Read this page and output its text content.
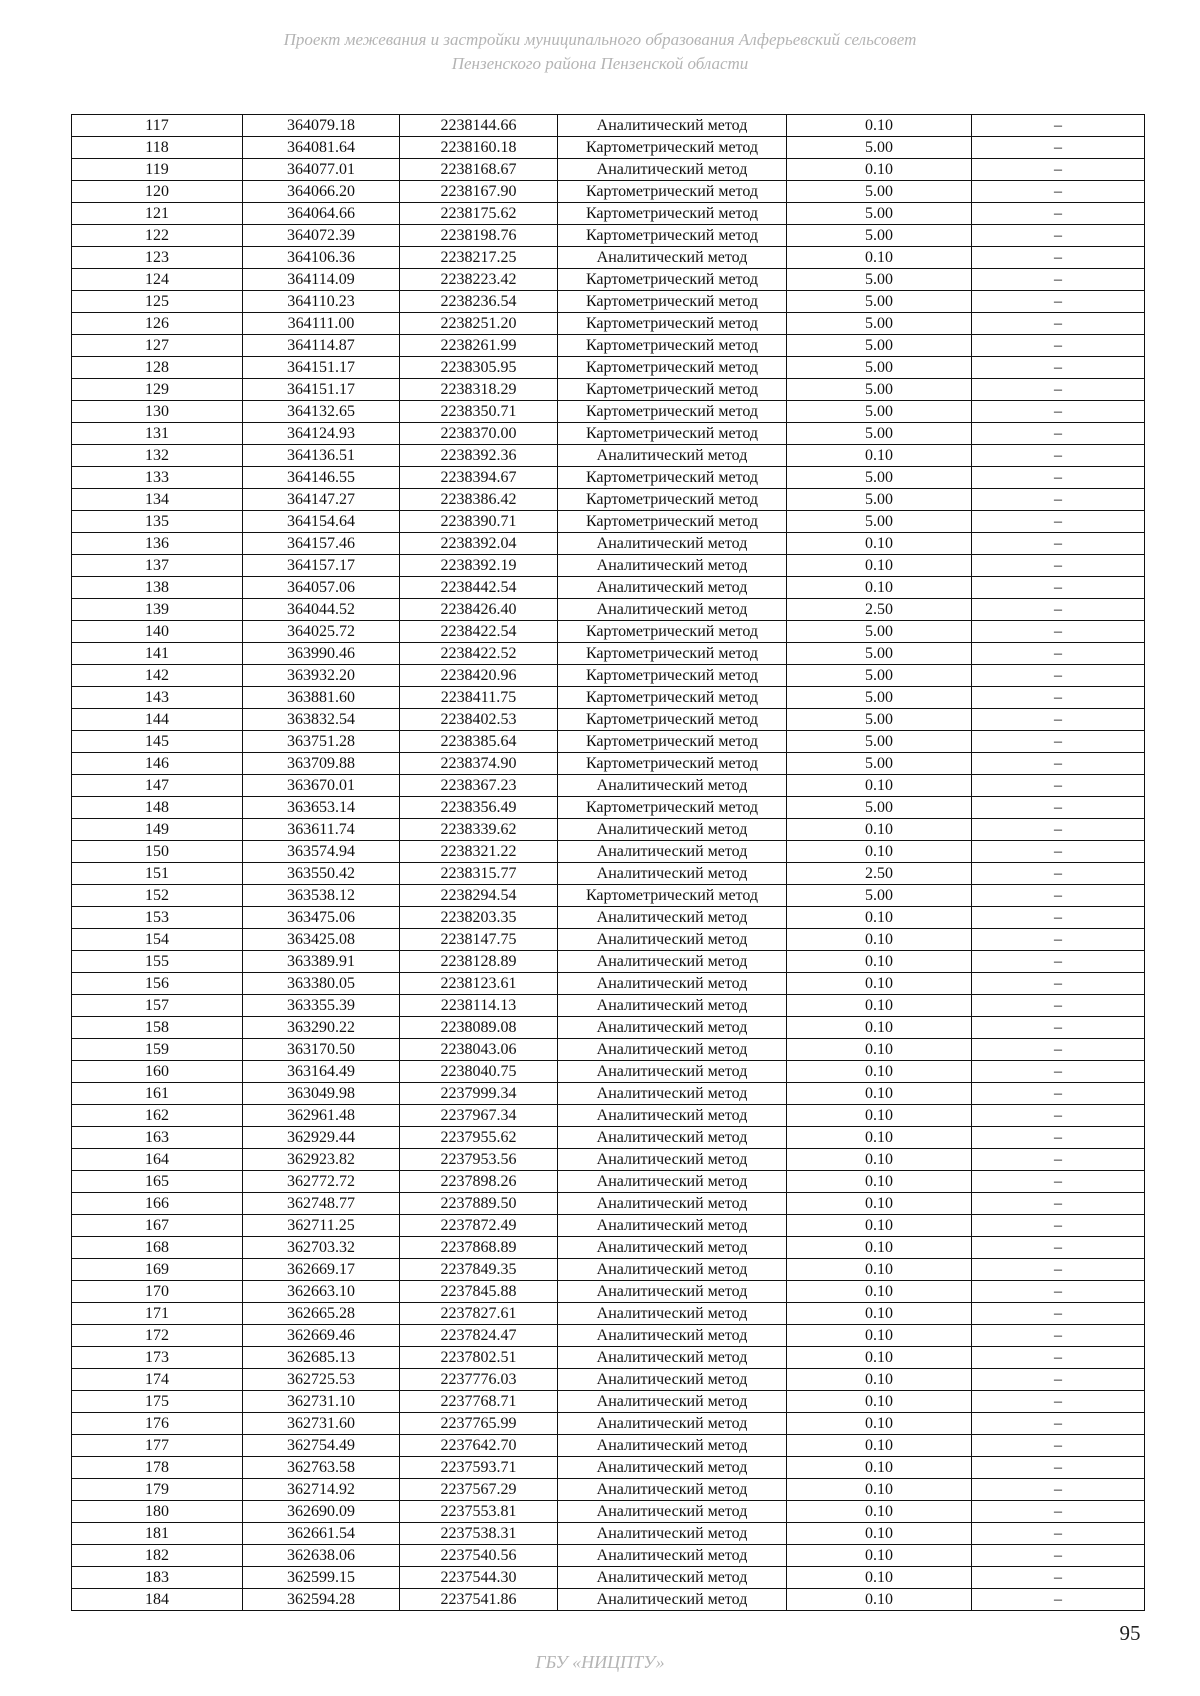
Проект межевания и застройки муниципального образования Алферьевский сельсовет
Пензенского района Пензенской области
117	364079.18	2238144.66	Аналитический метод	0.10	–
118	364081.64	2238160.18	Картометрический метод	5.00	–
119	364077.01	2238168.67	Аналитический метод	0.10	–
120	364066.20	2238167.90	Картометрический метод	5.00	–
121	364064.66	2238175.62	Картометрический метод	5.00	–
122	364072.39	2238198.76	Картометрический метод	5.00	–
123	364106.36	2238217.25	Аналитический метод	0.10	–
124	364114.09	2238223.42	Картометрический метод	5.00	–
125	364110.23	2238236.54	Картометрический метод	5.00	–
126	364111.00	2238251.20	Картометрический метод	5.00	–
127	364114.87	2238261.99	Картометрический метод	5.00	–
128	364151.17	2238305.95	Картометрический метод	5.00	–
129	364151.17	2238318.29	Картометрический метод	5.00	–
130	364132.65	2238350.71	Картометрический метод	5.00	–
131	364124.93	2238370.00	Картометрический метод	5.00	–
132	364136.51	2238392.36	Аналитический метод	0.10	–
133	364146.55	2238394.67	Картометрический метод	5.00	–
134	364147.27	2238386.42	Картометрический метод	5.00	–
135	364154.64	2238390.71	Картометрический метод	5.00	–
136	364157.46	2238392.04	Аналитический метод	0.10	–
137	364157.17	2238392.19	Аналитический метод	0.10	–
138	364057.06	2238442.54	Аналитический метод	0.10	–
139	364044.52	2238426.40	Аналитический метод	2.50	–
140	364025.72	2238422.54	Картометрический метод	5.00	–
141	363990.46	2238422.52	Картометрический метод	5.00	–
142	363932.20	2238420.96	Картометрический метод	5.00	–
143	363881.60	2238411.75	Картометрический метод	5.00	–
144	363832.54	2238402.53	Картометрический метод	5.00	–
145	363751.28	2238385.64	Картометрический метод	5.00	–
146	363709.88	2238374.90	Картометрический метод	5.00	–
147	363670.01	2238367.23	Аналитический метод	0.10	–
148	363653.14	2238356.49	Картометрический метод	5.00	–
149	363611.74	2238339.62	Аналитический метод	0.10	–
150	363574.94	2238321.22	Аналитический метод	0.10	–
151	363550.42	2238315.77	Аналитический метод	2.50	–
152	363538.12	2238294.54	Картометрический метод	5.00	–
153	363475.06	2238203.35	Аналитический метод	0.10	–
154	363425.08	2238147.75	Аналитический метод	0.10	–
155	363389.91	2238128.89	Аналитический метод	0.10	–
156	363380.05	2238123.61	Аналитический метод	0.10	–
157	363355.39	2238114.13	Аналитический метод	0.10	–
158	363290.22	2238089.08	Аналитический метод	0.10	–
159	363170.50	2238043.06	Аналитический метод	0.10	–
160	363164.49	2238040.75	Аналитический метод	0.10	–
161	363049.98	2237999.34	Аналитический метод	0.10	–
162	362961.48	2237967.34	Аналитический метод	0.10	–
163	362929.44	2237955.62	Аналитический метод	0.10	–
164	362923.82	2237953.56	Аналитический метод	0.10	–
165	362772.72	2237898.26	Аналитический метод	0.10	–
166	362748.77	2237889.50	Аналитический метод	0.10	–
167	362711.25	2237872.49	Аналитический метод	0.10	–
168	362703.32	2237868.89	Аналитический метод	0.10	–
169	362669.17	2237849.35	Аналитический метод	0.10	–
170	362663.10	2237845.88	Аналитический метод	0.10	–
171	362665.28	2237827.61	Аналитический метод	0.10	–
172	362669.46	2237824.47	Аналитический метод	0.10	–
173	362685.13	2237802.51	Аналитический метод	0.10	–
174	362725.53	2237776.03	Аналитический метод	0.10	–
175	362731.10	2237768.71	Аналитический метод	0.10	–
176	362731.60	2237765.99	Аналитический метод	0.10	–
177	362754.49	2237642.70	Аналитический метод	0.10	–
178	362763.58	2237593.71	Аналитический метод	0.10	–
179	362714.92	2237567.29	Аналитический метод	0.10	–
180	362690.09	2237553.81	Аналитический метод	0.10	–
181	362661.54	2237538.31	Аналитический метод	0.10	–
182	362638.06	2237540.56	Аналитический метод	0.10	–
183	362599.15	2237544.30	Аналитический метод	0.10	–
184	362594.28	2237541.86	Аналитический метод	0.10	–
95
ГБУ «НИЦПТУ»
